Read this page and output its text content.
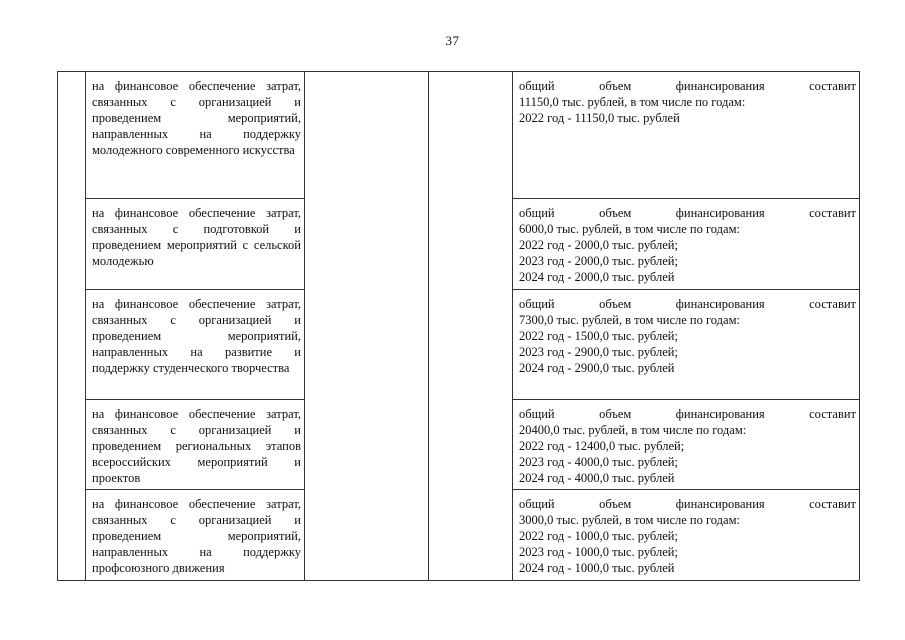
37

	на финансовое обеспечение затрат, связанных с организацией и проведением мероприятий, направленных на поддержку молодежного современного искусства			общий объем финансирования составит
11150,0 тыс. рублей, в том числе по годам:
2022 год - 11150,0 тыс. рублей

	на финансовое обеспечение затрат, связанных с подготовкой и проведением мероприятий с сельской молодежью			общий объем финансирования составит
6000,0 тыс. рублей, в том числе по годам:
2022 год - 2000,0 тыс. рублей;
2023 год - 2000,0 тыс. рублей;
2024 год - 2000,0 тыс. рублей

	на финансовое обеспечение затрат, связанных с организацией и проведением мероприятий, направленных на развитие и поддержку студенческого творчества			общий объем финансирования составит
7300,0 тыс. рублей, в том числе по годам:
2022 год - 1500,0 тыс. рублей;
2023 год - 2900,0 тыс. рублей;
2024 год - 2900,0 тыс. рублей

	на финансовое обеспечение затрат, связанных с организацией и проведением региональных этапов всероссийских мероприятий и проектов			общий объем финансирования составит
20400,0 тыс. рублей, в том числе по годам:
2022 год - 12400,0 тыс. рублей;
2023 год - 4000,0 тыс. рублей;
2024 год - 4000,0 тыс. рублей

	на финансовое обеспечение затрат, связанных с организацией и проведением мероприятий, направленных на поддержку профсоюзного движения			общий объем финансирования составит
3000,0 тыс. рублей, в том числе по годам:
2022 год - 1000,0 тыс. рублей;
2023 год - 1000,0 тыс. рублей;
2024 год - 1000,0 тыс. рублей
